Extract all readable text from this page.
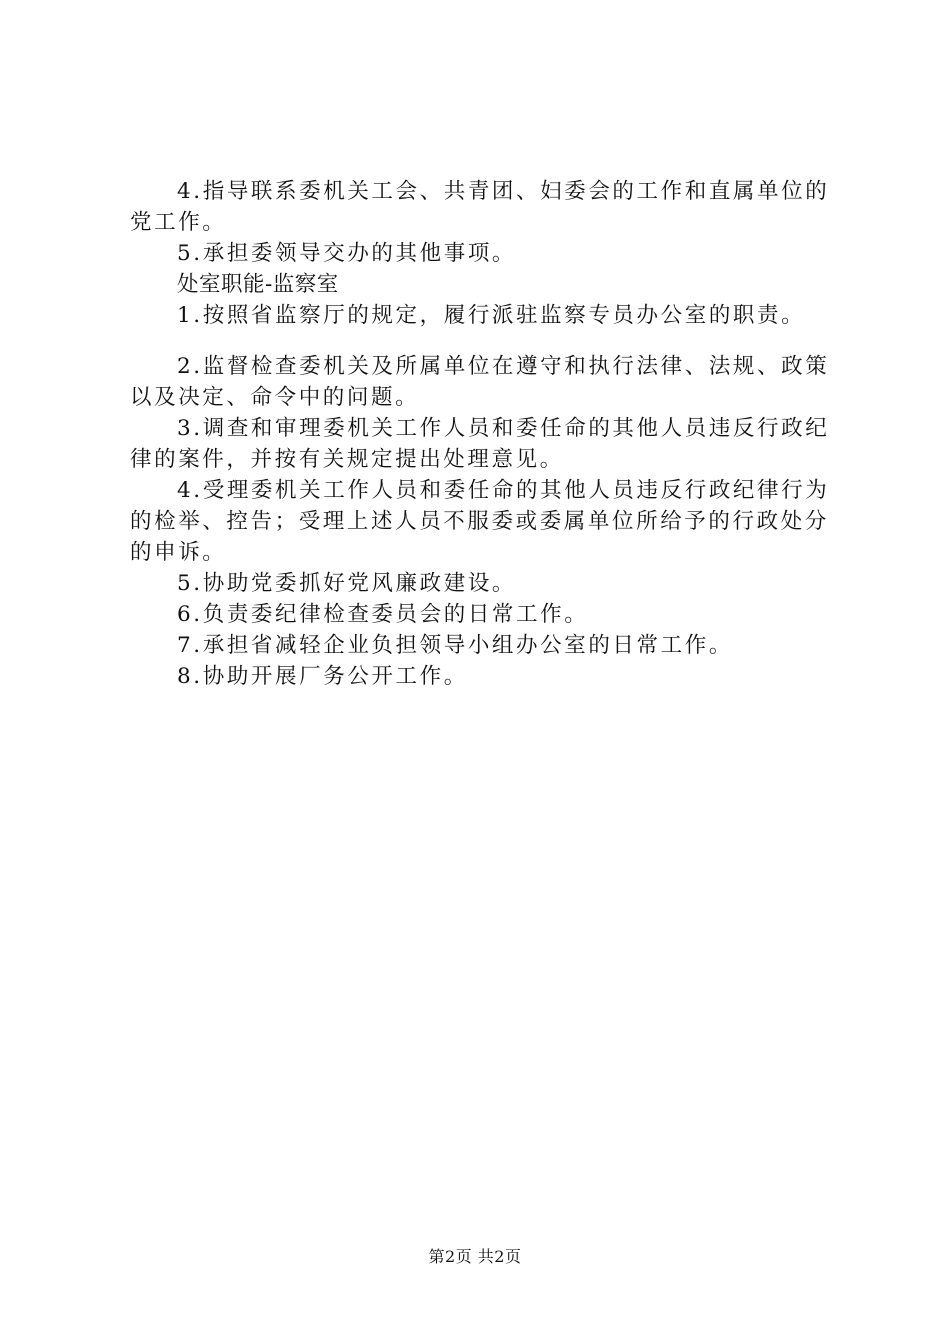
4.指导联系委机关工会、共青团、妇委会的工作和直属单位的党工作。

5.承担委领导交办的其他事项。

处室职能-监察室

1.按照省监察厅的规定，履行派驻监察专员办公室的职责。

2.监督检查委机关及所属单位在遵守和执行法律、法规、政策以及决定、命令中的问题。

3.调查和审理委机关工作人员和委任命的其他人员违反行政纪律的案件，并按有关规定提出处理意见。

4.受理委机关工作人员和委任命的其他人员违反行政纪律行为的检举、控告；受理上述人员不服委或委属单位所给予的行政处分的申诉。

5.协助党委抓好党风廉政建设。

6.负责委纪律检查委员会的日常工作。

7.承担省减轻企业负担领导小组办公室的日常工作。

8.协助开展厂务公开工作。

第2页 共2页
